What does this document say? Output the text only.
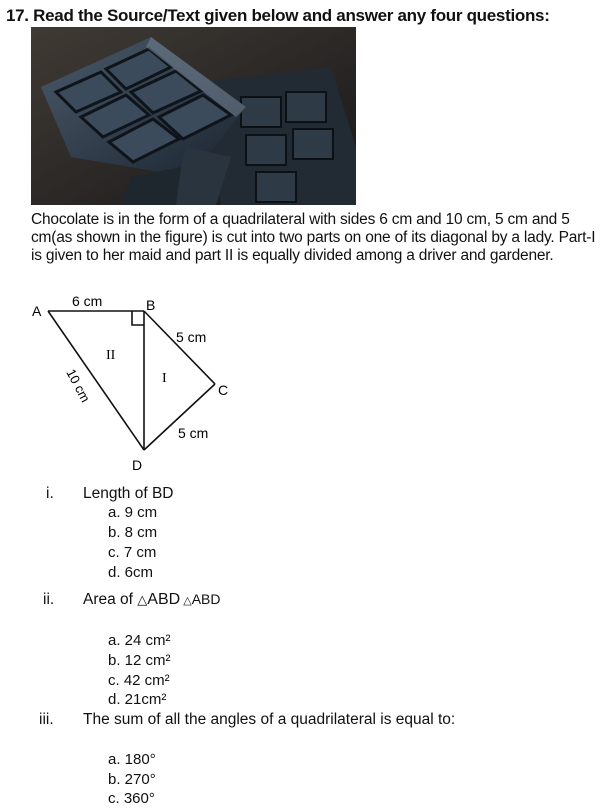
17. Read the Source/Text given below and answer any four questions:
Chocolate is in the form of a quadrilateral with sides 6 cm and 10 cm, 5 cm and 5 cm(as shown in the figure) is cut into two parts on one of its diagonal by a lady. Part-I is given to her maid and part II is equally divided among a driver and gardener.
A	B
C
D
6 cm
5 cm
5 cm
10 cm
II
I
i. Length of BD
a. 9 cm
b. 8 cm
c. 7 cm
d. 6cm
ii. Area of △ABD △ABD
a. 24 cm²
b. 12 cm²
c. 42 cm²
d. 21cm²
iii. The sum of all the angles of a quadrilateral is equal to:
a. 180°
b. 270°
c. 360°
